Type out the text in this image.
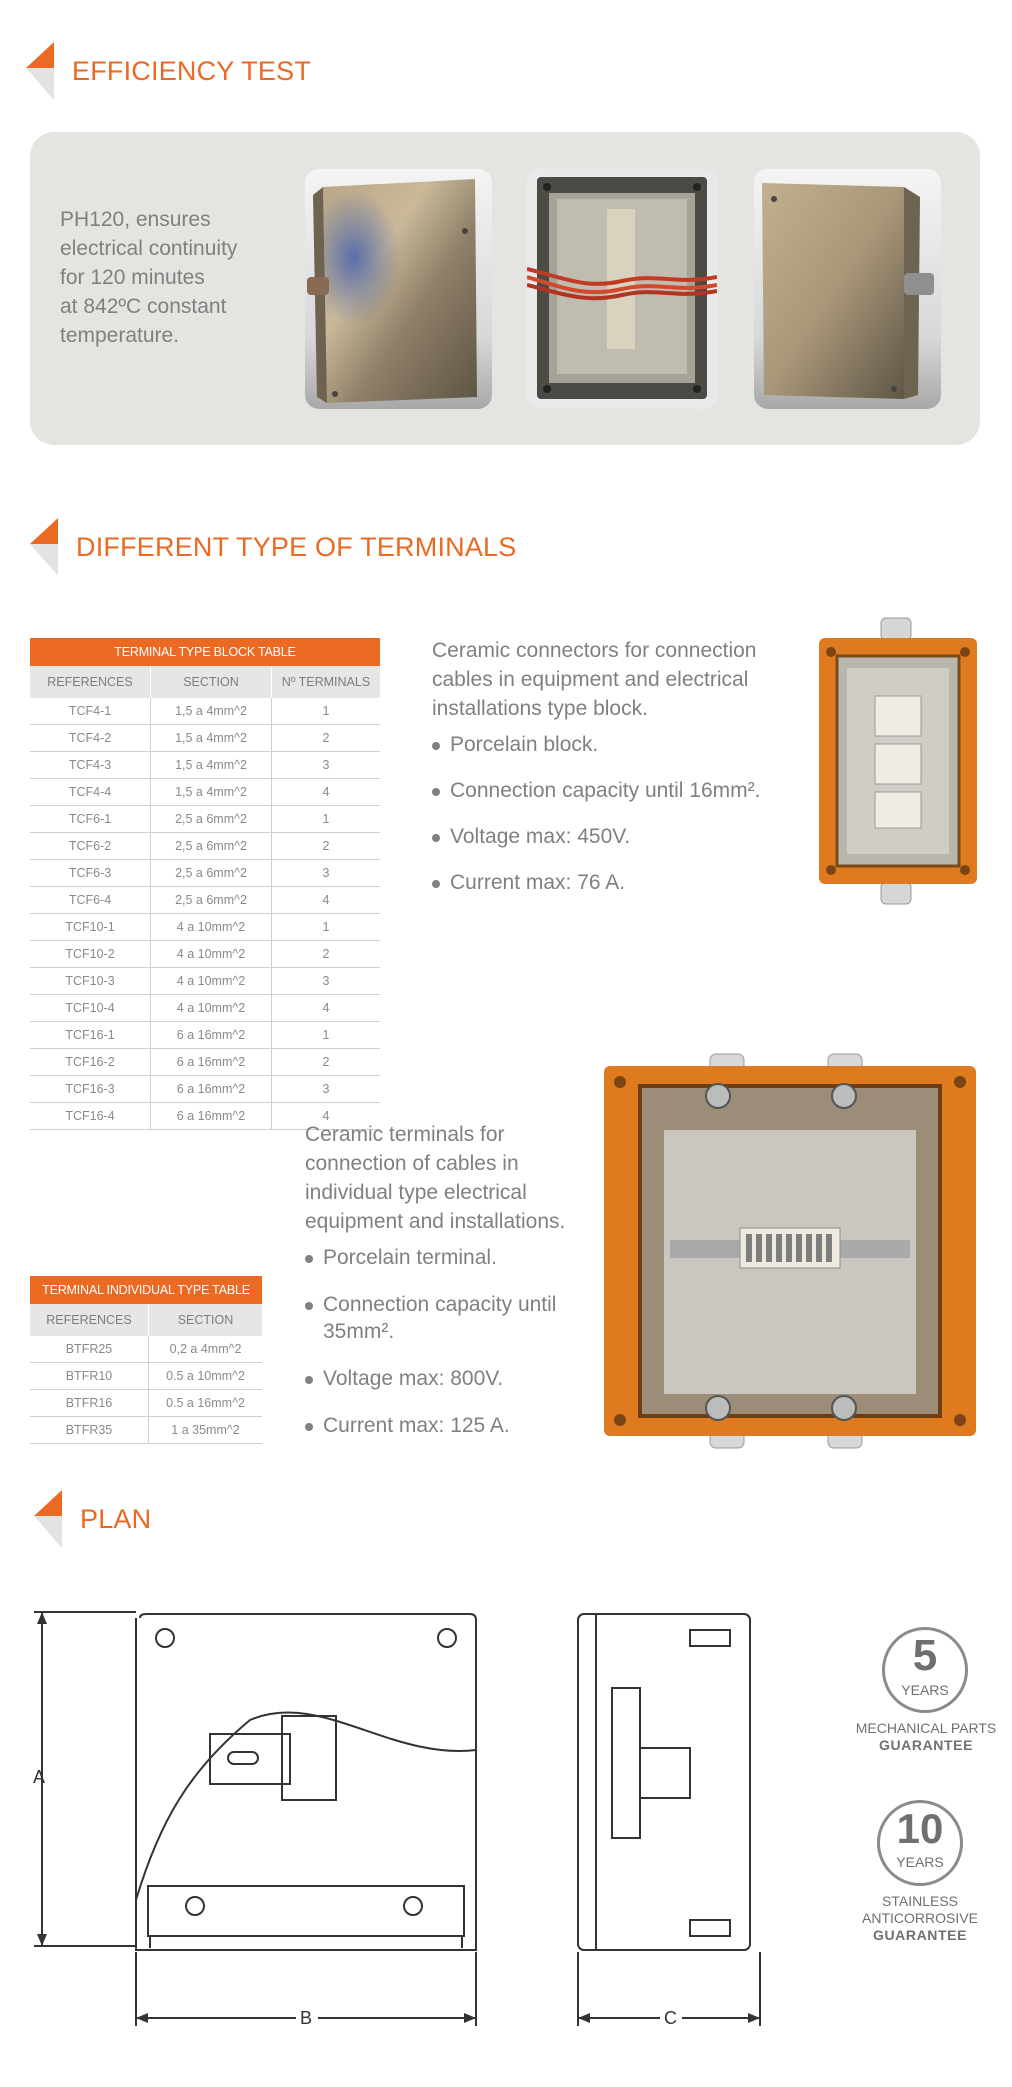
EFFICIENCY TEST
PH120, ensures
electrical continuity
for 120 minutes
at 842ºC constant
temperature.
DIFFERENT TYPE OF TERMINALS
TERMINAL TYPE BLOCK TABLE		
REFERENCES	SECTION	Nº TERMINALS
TCF4-1	1,5 a 4mm^2	1
TCF4-2	1,5 a 4mm^2	2
TCF4-3	1,5 a 4mm^2	3
TCF4-4	1,5 a 4mm^2	4
TCF6-1	2,5 a 6mm^2	1
TCF6-2	2,5 a 6mm^2	2
TCF6-3	2,5 a 6mm^2	3
TCF6-4	2,5 a 6mm^2	4
TCF10-1	4 a 10mm^2	1
TCF10-2	4 a 10mm^2	2
TCF10-3	4 a 10mm^2	3
TCF10-4	4 a 10mm^2	4
TCF16-1	6 a 16mm^2	1
TCF16-2	6 a 16mm^2	2
TCF16-3	6 a 16mm^2	3
TCF16-4	6 a 16mm^2	4
Ceramic connectors for connection
cables in equipment and electrical
installations type block.
Porcelain block.
Connection capacity until 16mm².
Voltage max: 450V.
Current max: 76 A.
TERMINAL INDIVIDUAL TYPE TABLE	
REFERENCES	SECTION
BTFR25	0,2 a 4mm^2
BTFR10	0.5 a 10mm^2
BTFR16	0.5 a 16mm^2
BTFR35	1 a 35mm^2
Ceramic terminals for
connection of cables in
individual type electrical
equipment and installations.
Porcelain terminal.
Connection capacity until 35mm².
Voltage max: 800V.
Current max: 125 A.
PLAN
A
B	C
5
YEARS
MECHANICAL PARTS
GUARANTEE
10
YEARS
STAINLESS
ANTICORROSIVE
GUARANTEE
